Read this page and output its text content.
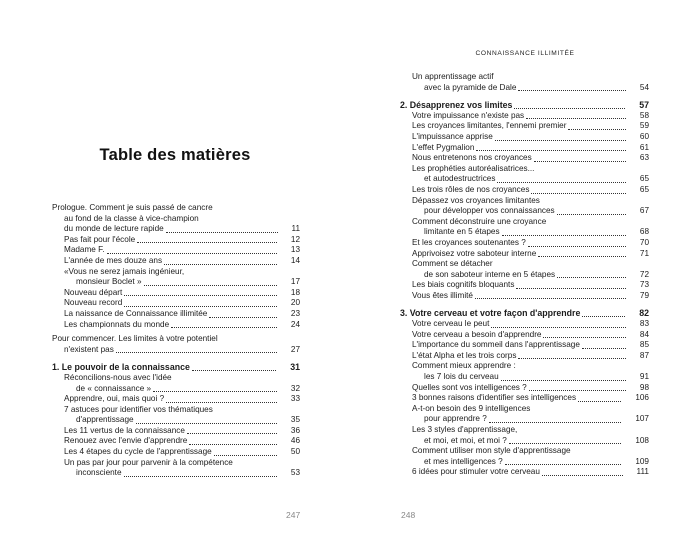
Table des matières
Prologue. Comment je suis passé de cancre
au fond de la classe à vice-champion
du monde de lecture rapide	11
Pas fait pour l'école	12
Madame F.	13
L'année de mes douze ans	14
«Vous ne serez jamais ingénieur,
monsieur Boclet »	17
Nouveau départ	18
Nouveau record	20
La naissance de Connaissance illimitée	23
Les championnats du monde	24
Pour commencer. Les limites à votre potentiel
n'existent pas	27
1. Le pouvoir de la connaissance	31
Réconcilions-nous avec l'idée
de « connaissance »	32
Apprendre, oui, mais quoi ?	33
7 astuces pour identifier vos thématiques
d'apprentissage	35
Les 11 vertus de la connaissance	36
Renouez avec l'envie d'apprendre	46
Les 4 étapes du cycle de l'apprentissage	50
Un pas par jour pour parvenir à la compétence
inconsciente	53
247
CONNAISSANCE ILLIMITÉE
Un apprentissage actif
avec la pyramide de Dale	54
2. Désapprenez vos limites	57
Votre impuissance n'existe pas	58
Les croyances limitantes, l'ennemi premier	59
L'impuissance apprise	60
L'effet Pygmalion	61
Nous entretenons nos croyances	63
Les prophéties autoréalisatrices...
et autodestructrices	65
Les trois rôles de nos croyances	65
Dépassez vos croyances limitantes
pour développer vos connaissances	67
Comment déconstruire une croyance
limitante en 5 étapes	68
Et les croyances soutenantes ?	70
Apprivoisez votre saboteur interne	71
Comment se détacher
de son saboteur interne en 5 étapes	72
Les biais cognitifs bloquants	73
Vous êtes illimité	79
3. Votre cerveau et votre façon d'apprendre	82
Votre cerveau le peut	83
Votre cerveau a besoin d'apprendre	84
L'importance du sommeil dans l'apprentissage	85
L'état Alpha et les trois corps	87
Comment mieux apprendre :
les 7 lois du cerveau	91
Quelles sont vos intelligences ?	98
3 bonnes raisons d'identifier ses intelligences	106
A-t-on besoin des 9 intelligences
pour apprendre ?	107
Les 3 styles d'apprentissage,
et moi, et moi, et moi ?	108
Comment utiliser mon style d'apprentissage
et mes intelligences ?	109
6 idées pour stimuler votre cerveau	111
248
